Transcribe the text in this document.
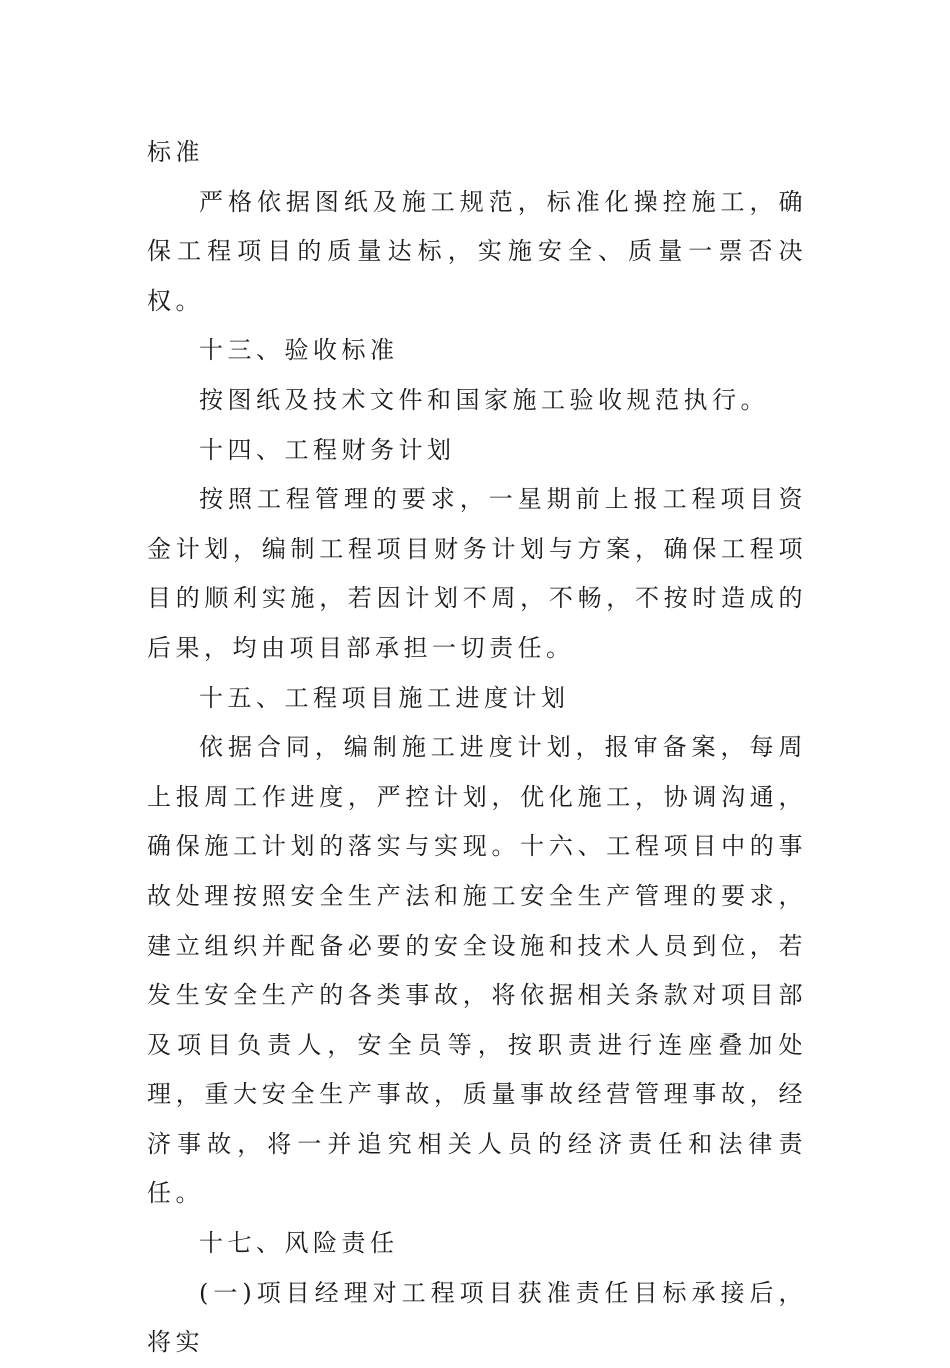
标准

严格依据图纸及施工规范，标准化操控施工，确保工程项目的质量达标，实施安全、质量一票否决权。

十三、验收标准

按图纸及技术文件和国家施工验收规范执行。

十四、工程财务计划

按照工程管理的要求，一星期前上报工程项目资金计划，编制工程项目财务计划与方案，确保工程项目的顺利实施，若因计划不周，不畅，不按时造成的后果，均由项目部承担一切责任。

十五、工程项目施工进度计划

依据合同，编制施工进度计划，报审备案，每周上报周工作进度，严控计划，优化施工，协调沟通，确保施工计划的落实与实现。十六、工程项目中的事故处理按照安全生产法和施工安全生产管理的要求，建立组织并配备必要的安全设施和技术人员到位，若发生安全生产的各类事故，将依据相关条款对项目部及项目负责人，安全员等，按职责进行连座叠加处理，重大安全生产事故，质量事故经营管理事故，经济事故，将一并追究相关人员的经济责任和法律责任。

十七、风险责任

(一)项目经理对工程项目获准责任目标承接后，将实
